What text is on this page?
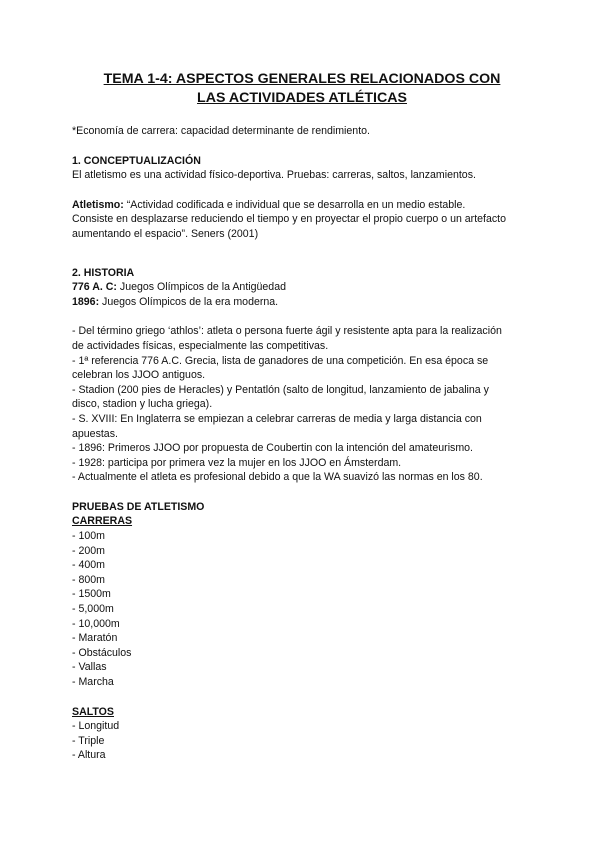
TEMA 1-4: ASPECTOS GENERALES RELACIONADOS CON
LAS ACTIVIDADES ATLÉTICAS

*Economía de carrera: capacidad determinante de rendimiento.

1. CONCEPTUALIZACIÓN

El atletismo es una actividad físico-deportiva. Pruebas: carreras, saltos, lanzamientos.

Atletismo: “Actividad codificada e individual que se desarrolla en un medio estable.

Consiste en desplazarse reduciendo el tiempo y en proyectar el propio cuerpo o un artefacto

aumentando el espacio”. Seners (2001)

2. HISTORIA

776 A. C: Juegos Olímpicos de la Antigüedad

1896: Juegos Olímpicos de la era moderna.

- Del término griego ‘athlos’: atleta o persona fuerte ágil y resistente apta para la realización

de actividades físicas, especialmente las competitivas.

- 1ª referencia 776 A.C. Grecia, lista de ganadores de una competición. En esa época se

celebran los JJOO antiguos.

- Stadion (200 pies de Heracles) y Pentatlón (salto de longitud, lanzamiento de jabalina y

disco, stadion y lucha griega).

- S. XVIII: En Inglaterra se empiezan a celebrar carreras de media y larga distancia con

apuestas.

- 1896: Primeros JJOO por propuesta de Coubertin con la intención del amateurismo.

- 1928: participa por primera vez la mujer en los JJOO en Ámsterdam.

- Actualmente el atleta es profesional debido a que la WA suavizó las normas en los 80.

PRUEBAS DE ATLETISMO

CARRERAS

- 100m
- 200m
- 400m
- 800m
- 1500m
- 5,000m
- 10,000m
- Maratón
- Obstáculos
- Vallas
- Marcha

SALTOS

- Longitud
- Triple
- Altura
